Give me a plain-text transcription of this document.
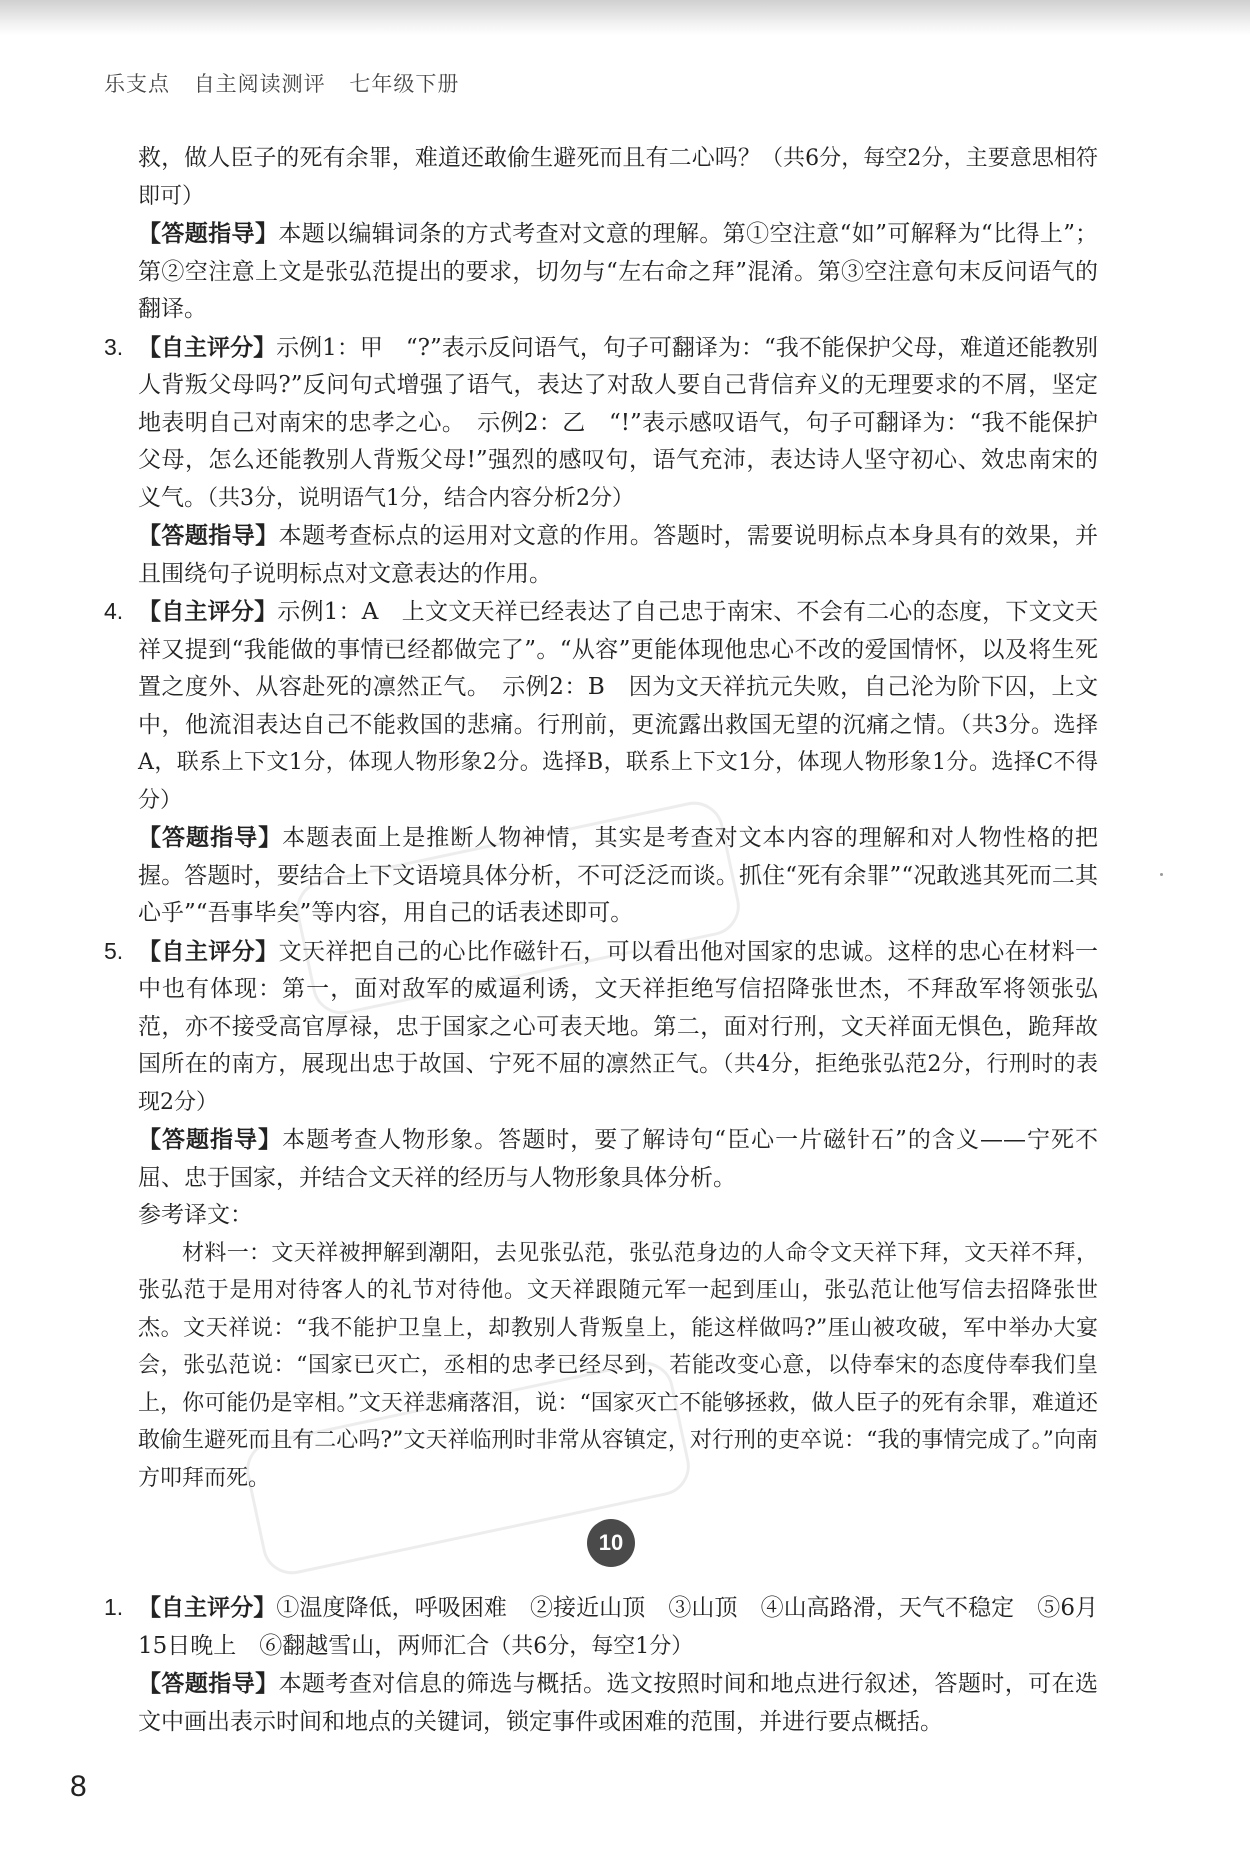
乐支点 自主阅读测评 七年级下册

救，做人臣子的死有余罪，难道还敢偷生避死而且有二心吗？（共6分，每空2分，主要意思相符即可）

【答题指导】本题以编辑词条的方式考查对文意的理解。第①空注意“如”可解释为“比得上”；第②空注意上文是张弘范提出的要求，切勿与“左右命之拜”混淆。第③空注意句末反问语气的翻译。

3. 【自主评分】示例1：甲　“?”表示反问语气，句子可翻译为：“我不能保护父母，难道还能教别人背叛父母吗?”反问句式增强了语气，表达了对敌人要自己背信弃义的无理要求的不屑，坚定地表明自己对南宋的忠孝之心。　示例2：乙　“!”表示感叹语气，句子可翻译为：“我不能保护父母，怎么还能教别人背叛父母!”强烈的感叹句，语气充沛，表达诗人坚守初心、效忠南宋的义气。（共3分，说明语气1分，结合内容分析2分）

【答题指导】本题考查标点的运用对文意的作用。答题时，需要说明标点本身具有的效果，并且围绕句子说明标点对文意表达的作用。

4. 【自主评分】示例1：A　上文文天祥已经表达了自己忠于南宋、不会有二心的态度，下文文天祥又提到“我能做的事情已经都做完了”。“从容”更能体现他忠心不改的爱国情怀，以及将生死置之度外、从容赴死的凛然正气。　示例2：B　因为文天祥抗元失败，自己沦为阶下囚，上文中，他流泪表达自己不能救国的悲痛。行刑前，更流露出救国无望的沉痛之情。（共3分。选择A，联系上下文1分，体现人物形象2分。选择B，联系上下文1分，体现人物形象1分。选择C不得分）

【答题指导】本题表面上是推断人物神情，其实是考查对文本内容的理解和对人物性格的把握。答题时，要结合上下文语境具体分析，不可泛泛而谈。抓住“死有余罪”“况敢逃其死而二其心乎”“吾事毕矣”等内容，用自己的话表述即可。

5. 【自主评分】文天祥把自己的心比作磁针石，可以看出他对国家的忠诚。这样的忠心在材料一中也有体现：第一，面对敌军的威逼利诱，文天祥拒绝写信招降张世杰，不拜敌军将领张弘范，亦不接受高官厚禄，忠于国家之心可表天地。第二，面对行刑，文天祥面无惧色，跪拜故国所在的南方，展现出忠于故国、宁死不屈的凛然正气。（共4分，拒绝张弘范2分，行刑时的表现2分）

【答题指导】本题考查人物形象。答题时，要了解诗句“臣心一片磁针石”的含义——宁死不屈、忠于国家，并结合文天祥的经历与人物形象具体分析。

参考译文：

材料一：文天祥被押解到潮阳，去见张弘范，张弘范身边的人命令文天祥下拜，文天祥不拜，张弘范于是用对待客人的礼节对待他。文天祥跟随元军一起到厓山，张弘范让他写信去招降张世杰。文天祥说：“我不能护卫皇上，却教别人背叛皇上，能这样做吗?”厓山被攻破，军中举办大宴会，张弘范说：“国家已灭亡，丞相的忠孝已经尽到，若能改变心意，以侍奉宋的态度侍奉我们皇上，你可能仍是宰相。”文天祥悲痛落泪，说：“国家灭亡不能够拯救，做人臣子的死有余罪，难道还敢偷生避死而且有二心吗?”文天祥临刑时非常从容镇定，对行刑的吏卒说：“我的事情完成了。”向南方叩拜而死。

10
1. 【自主评分】①温度降低，呼吸困难　②接近山顶　③山顶　④山高路滑，天气不稳定　⑤6月15日晚上　⑥翻越雪山，两师汇合（共6分，每空1分）

【答题指导】本题考查对信息的筛选与概括。选文按照时间和地点进行叙述，答题时，可在选文中画出表示时间和地点的关键词，锁定事件或困难的范围，并进行要点概括。

8
